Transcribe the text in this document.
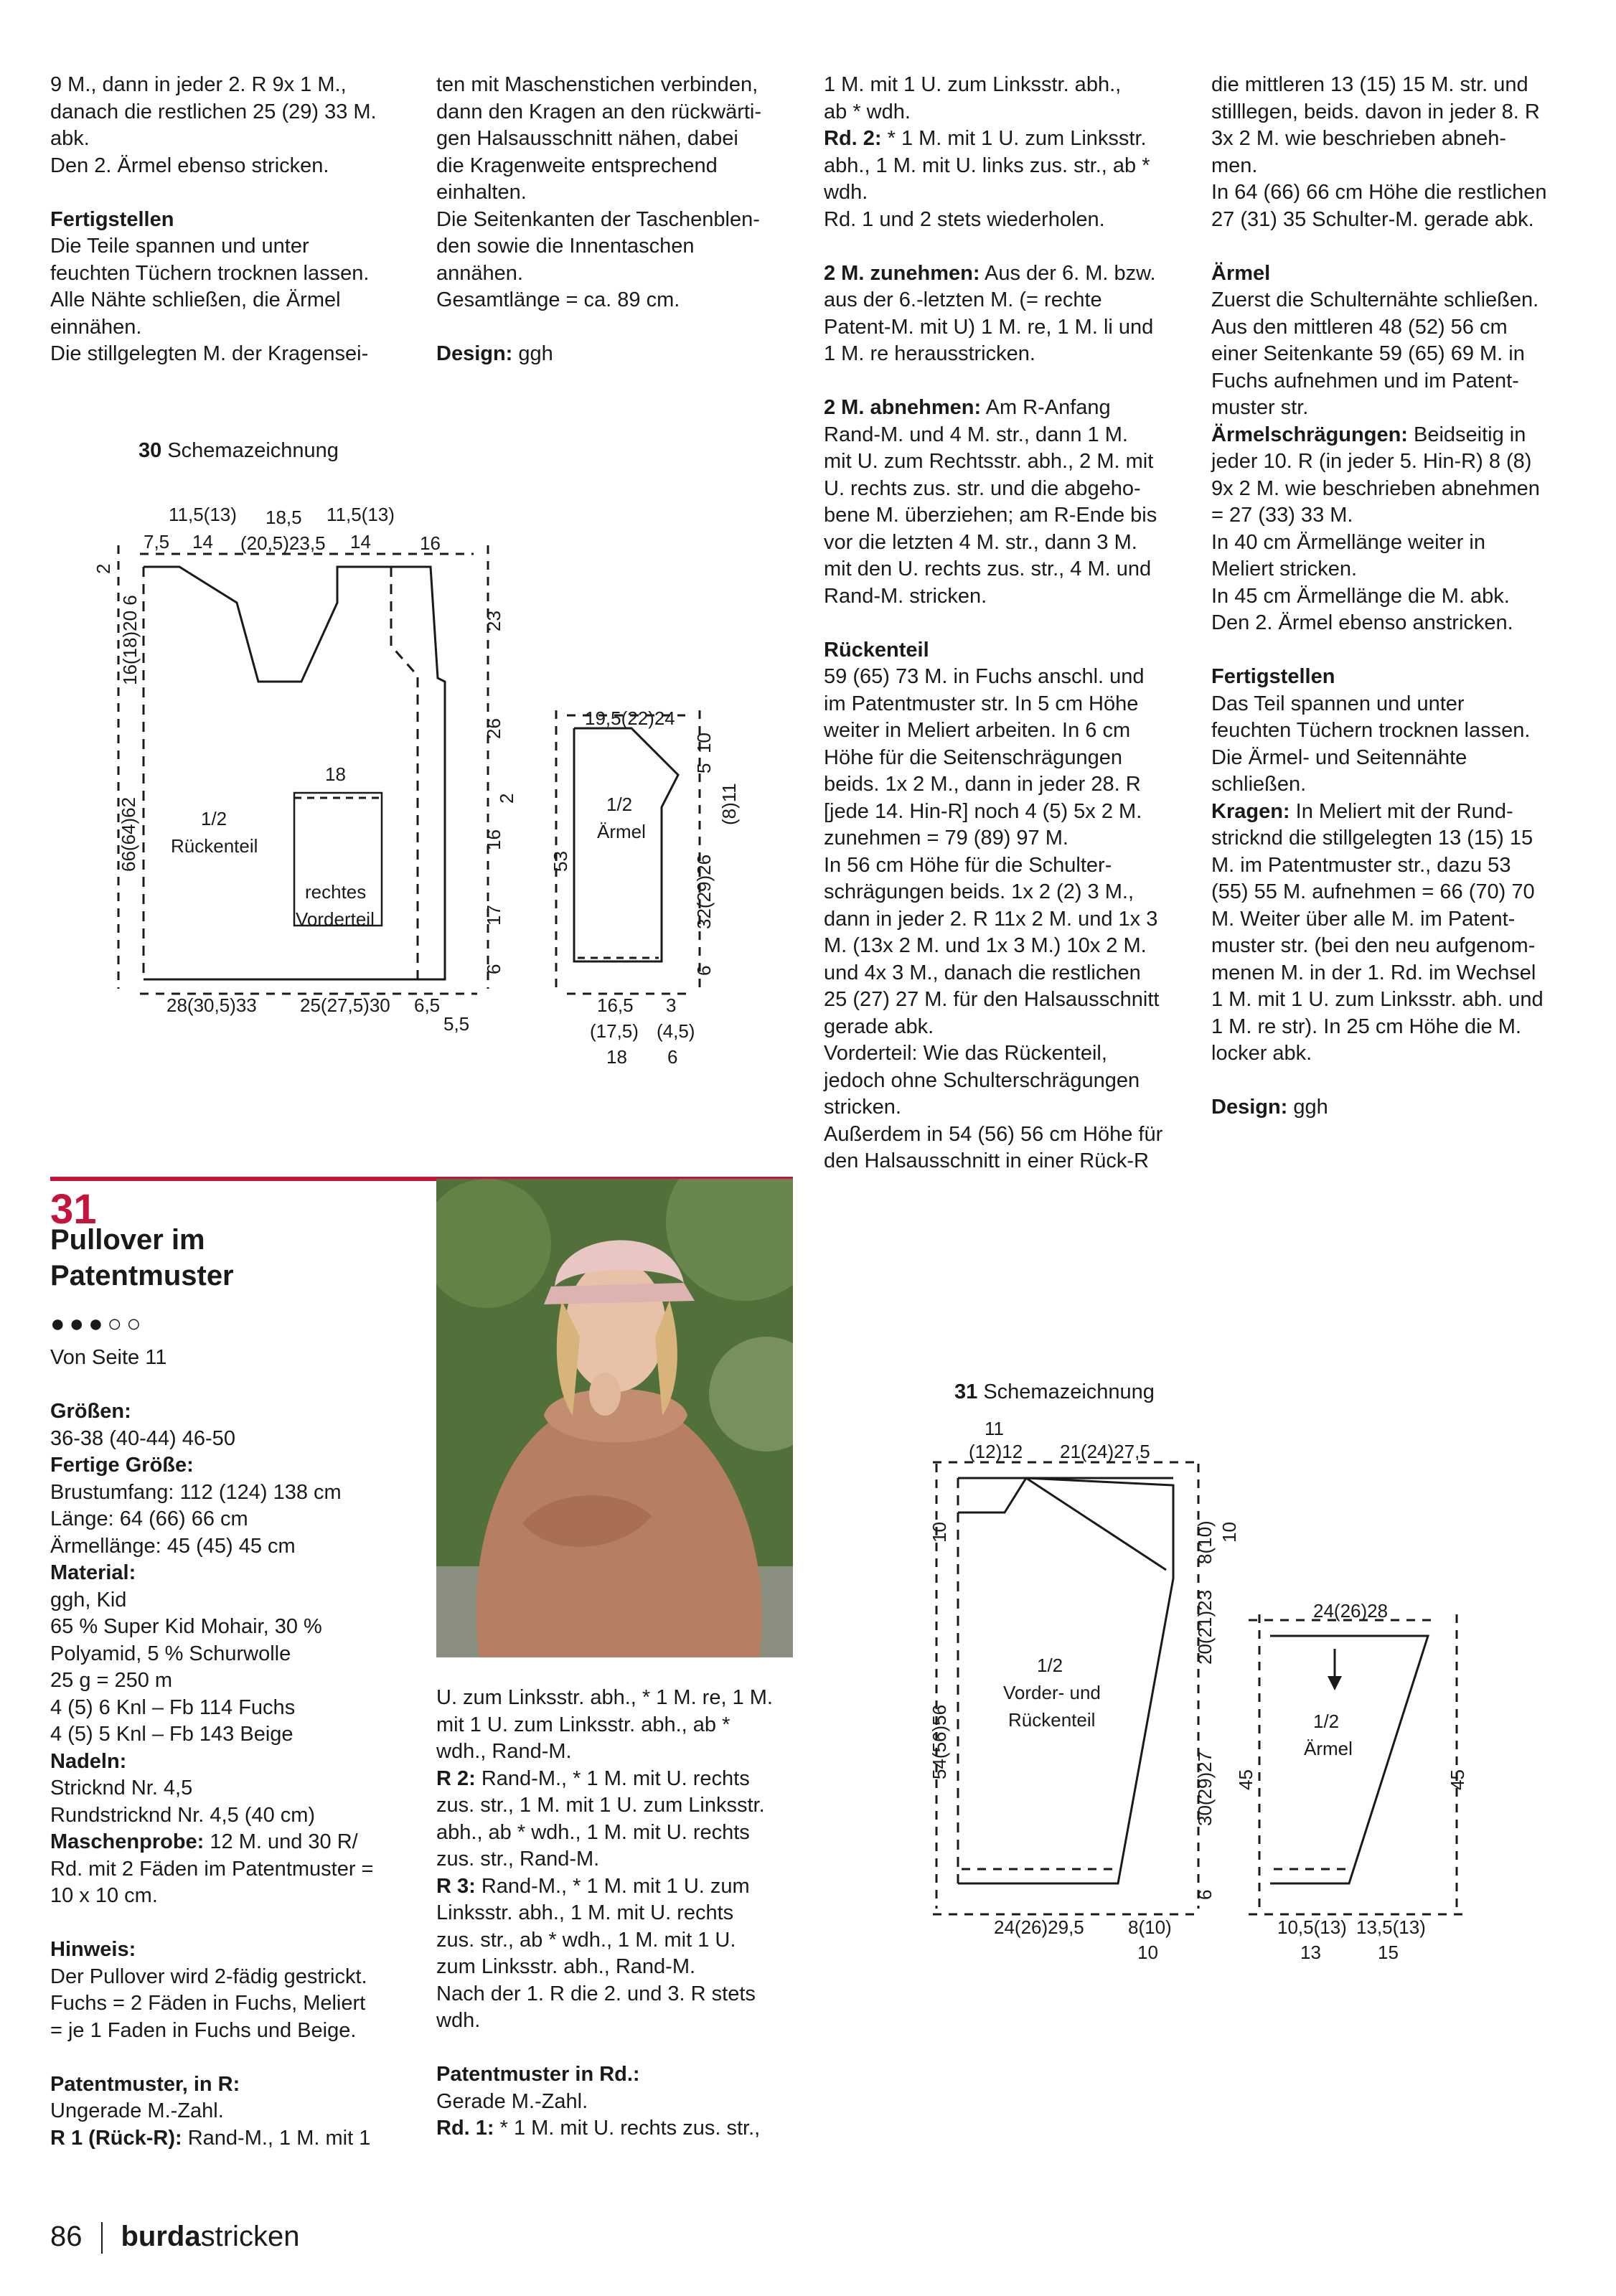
9 M., dann in jeder 2. R 9x 1 M.,

danach die restlichen 25 (29) 33 M.

abk.

Den 2. Ärmel ebenso stricken.

Fertigstellen

Die Teile spannen und unter

feuchten Tüchern trocknen lassen.

Alle Nähte schließen, die Ärmel

einnähen.

Die stillgelegten M. der Kragensei-

ten mit Maschenstichen verbinden,

dann den Kragen an den rückwärti-

gen Halsausschnitt nähen, dabei

die Kragenweite entsprechend

einhalten.

Die Seitenkanten der Taschenblen-

den sowie die Innentaschen

annähen.

Gesamtlänge = ca. 89 cm.

Design: ggh

1 M. mit 1 U. zum Linksstr. abh.,

ab * wdh.

Rd. 2: * 1 M. mit 1 U. zum Linksstr.

abh., 1 M. mit U. links zus. str., ab *

wdh.

Rd. 1 und 2 stets wiederholen.

2 M. zunehmen: Aus der 6. M. bzw.

aus der 6.-letzten M. (= rechte

Patent-M. mit U) 1 M. re, 1 M. li und

1 M. re herausstricken.

2 M. abnehmen: Am R-Anfang

Rand-M. und 4 M. str., dann 1 M.

mit U. zum Rechtsstr. abh., 2 M. mit

U. rechts zus. str. und die abgeho-

bene M. überziehen; am R-Ende bis

vor die letzten 4 M. str., dann 3 M.

mit den U. rechts zus. str., 4 M. und

Rand-M. stricken.

Rückenteil

59 (65) 73 M. in Fuchs anschl. und

im Patentmuster str. In 5 cm Höhe

weiter in Meliert arbeiten. In 6 cm

Höhe für die Seitenschrägungen

beids. 1x 2 M., dann in jeder 28. R

[jede 14. Hin-R] noch 4 (5) 5x 2 M.

zunehmen = 79 (89) 97 M.

In 56 cm Höhe für die Schulter-

schrägungen beids. 1x 2 (2) 3 M.,

dann in jeder 2. R 11x 2 M. und 1x 3

M. (13x 2 M. und 1x 3 M.) 10x 2 M.

und 4x 3 M., danach die restlichen

25 (27) 27 M. für den Halsausschnitt

gerade abk.

Vorderteil: Wie das Rückenteil,

jedoch ohne Schulterschrägungen

stricken.

Außerdem in 54 (56) 56 cm Höhe für

den Halsausschnitt in einer Rück-R

die mittleren 13 (15) 15 M. str. und

stilllegen, beids. davon in jeder 8. R

3x 2 M. wie beschrieben abneh-

men.

In 64 (66) 66 cm Höhe die restlichen

27 (31) 35 Schulter-M. gerade abk.

Ärmel

Zuerst die Schulternähte schließen.

Aus den mittleren 48 (52) 56 cm

einer Seitenkante 59 (65) 69 M. in

Fuchs aufnehmen und im Patent-

muster str.

Ärmelschrägungen: Beidseitig in

jeder 10. R (in jeder 5. Hin-R) 8 (8)

9x 2 M. wie beschrieben abnehmen

= 27 (33) 33 M.

In 40 cm Ärmellänge weiter in

Meliert stricken.

In 45 cm Ärmellänge die M. abk.

Den 2. Ärmel ebenso anstricken.

Fertigstellen

Das Teil spannen und unter

feuchten Tüchern trocknen lassen.

Die Ärmel- und Seitennähte

schließen.

Kragen: In Meliert mit der Rund-

stricknd die stillgelegten 13 (15) 15

M. im Patentmuster str., dazu 53

(55) 55 M. aufnehmen = 66 (70) 70

M. Weiter über alle M. im Patent-

muster str. (bei den neu aufgenom-

menen M. in der 1. Rd. im Wechsel

1 M. mit 1 U. zum Linksstr. abh. und

1 M. re str). In 25 cm Höhe die M.

locker abk.

Design: ggh

Von Seite 11

Größen:

36-38 (40-44) 46-50

Fertige Größe:

Brustumfang: 112 (124) 138 cm

Länge: 64 (66) 66 cm

Ärmellänge: 45 (45) 45 cm

Material:

ggh, Kid

65 % Super Kid Mohair, 30 %

Polyamid, 5 % Schurwolle

25 g = 250 m

4 (5) 6 Knl – Fb 114 Fuchs

4 (5) 5 Knl – Fb 143 Beige

Nadeln:

Stricknd Nr. 4,5

Rundstricknd Nr. 4,5 (40 cm)

Maschenprobe: 12 M. und 30 R/

Rd. mit 2 Fäden im Patentmuster =

10 x 10 cm.

Hinweis:

Der Pullover wird 2-fädig gestrickt.

Fuchs = 2 Fäden in Fuchs, Meliert

= je 1 Faden in Fuchs und Beige.

Patentmuster, in R:

Ungerade M.-Zahl.

R 1 (Rück-R): Rand-M., 1 M. mit 1

U. zum Linksstr. abh., * 1 M. re, 1 M.

mit 1 U. zum Linksstr. abh., ab *

wdh., Rand-M.

R 2: Rand-M., * 1 M. mit U. rechts

zus. str., 1 M. mit 1 U. zum Linksstr.

abh., ab * wdh., 1 M. mit U. rechts

zus. str., Rand-M.

R 3: Rand-M., * 1 M. mit 1 U. zum

Linksstr. abh., 1 M. mit U. rechts

zus. str., ab * wdh., 1 M. mit 1 U.

zum Linksstr. abh., Rand-M.

Nach der 1. R die 2. und 3. R stets

wdh.

Patentmuster in Rd.:

Gerade M.-Zahl.

Rd. 1: * 1 M. mit U. rechts zus. str.,

30 Schemazeichnung
31 Schemazeichnung
11,5(13) 18,5 11,5(13)
7,5 14 (20,5)23,5 14	16
2
16(18)20 6
66(64)62
23
26
2
16
17
6
18
1/2
Rückenteil
rechtes
Vorderteil
28(30,5)33 25(27,5)30 6,5
5,5
19,5(22)24
5
10
(8)11
1/2
Ärmel
53	32(29)26
6
16,5
(17,5)
18
3
(4,5)
6
11
(12)12 21(24)27,5
10
54(56)56
8(10) 10
20(21)23
30(29)27
6
1/2
Vorder- und
Rückenteil
24(26)29,5 8(10)
10
24(26)28
1/2
Ärmel
45	45
10,5(13) 13,5(13)
13	15
31
Pullover im
Patentmuster
●●●○○
86 burdastricken
